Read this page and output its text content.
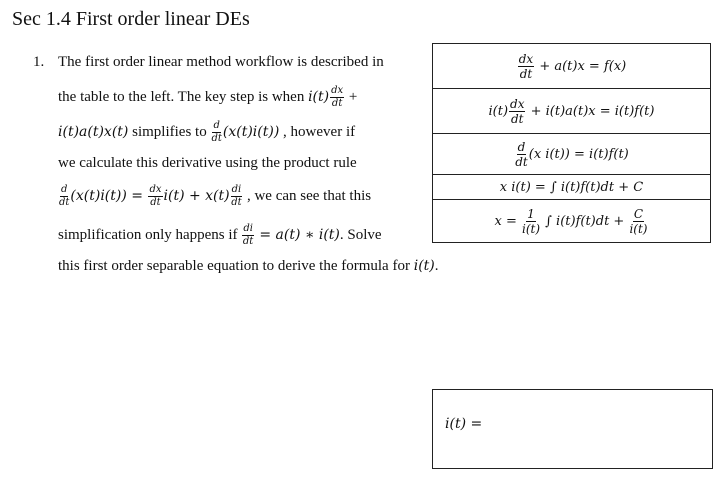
Sec 1.4 First order linear DEs
1. The first order linear method workflow is described in
the table to the left. The key step is when $i(t) \frac{dx}{dt}$ +
i(t)a(t)x(t) simplifies to $\frac{d}{dt} (x(t)i(t))$ , however if
we calculate this derivative using the product rule
$\frac{d}{dt} (x(t)i(t)) = \frac{dx}{dt} i(t) + x(t) \frac{di}{dt}$ , we can see that this
simplification only happens if $\frac{di}{dt} = a(t)$ ∗ i(t). Solve
this first order separable equation to derive the formula for i(t).
$\frac{dx}{dt} + a(t)x = f(x)$
$i(t) \frac{dx}{dt} + i(t)a(t)x = i(t)f(t)$

$\frac{d}{dt} (x$ i(t)) = i(t)f(t)
x i(t) = ∫ i(t)f(t)dt + C
$x = \frac{1}{i(t)}$ ∫ $i(t)f(t)dt + \frac{C}{i(t)}$
i(t) =
